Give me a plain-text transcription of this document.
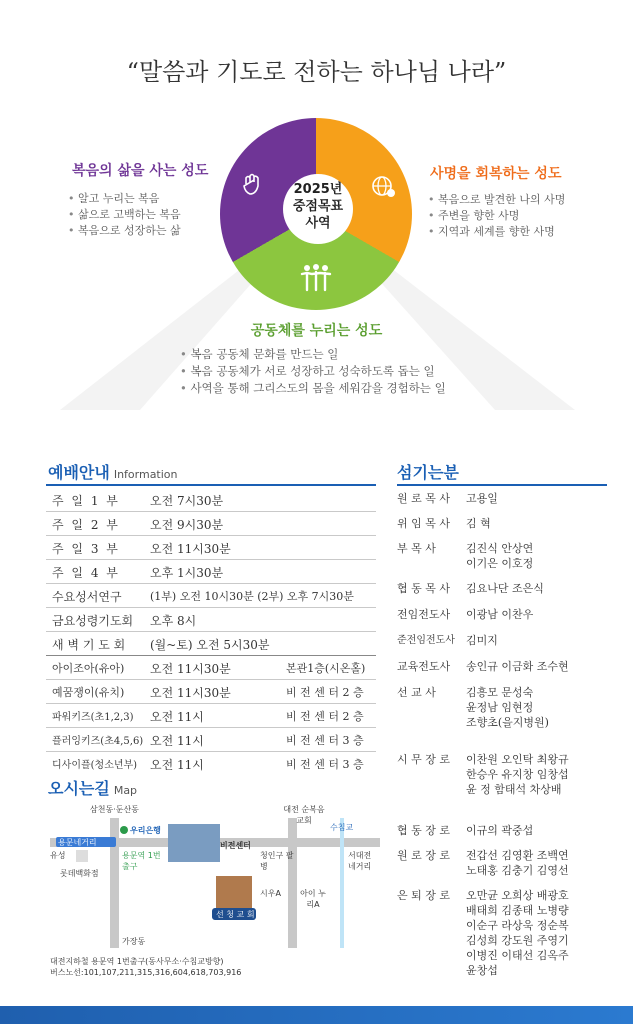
“말씀과 기도로 전하는 하나님 나라”
2025년
중점목표
사역
복음의 삶을 사는 성도
• 알고 누리는 복음
• 삶으로 고백하는 복음
• 복음으로 성장하는 삶
사명을 회복하는 성도
• 복음으로 발견한 나의 사명
• 주변을 향한 사명
• 지역과 세계를 향한 사명
공동체를 누리는 성도
• 복음 공동체 문화를 만드는 일
• 복음 공동체가 서로 성장하고 성숙하도록 돕는 일
• 사역을 통해 그리스도의 몸을 세워감을 경험하는 일
예배안내 Information
주 일 1 부	오전 7시30분
주 일 2 부	오전 9시30분
주 일 3 부	오전 11시30분
주 일 4 부	오후 1시30분
수요성서연구	(1부) 오전 10시30분 (2부) 오후 7시30분
금요성령기도회 오후 8시
새 벽 기 도 회 (월~토) 오전 5시30분
아이조아(유아) 오전 11시30분	본관1층(시온홀)
예꿈쟁이(유치) 오전 11시30분	비 전 센 터 2 층
파워키즈(초1,2,3) 오전 11시	비 전 센 터 2 층
플러잉키즈(초4,5,6) 오전 11시	비 전 센 터 3 층
디사이플(청소년부) 오전 11시	비 전 센 터 3 층
오시는길 Map
용문네거리
삼천동·둔산동
우리은행
유성
롯데백화점
용문역 1번출구
비전센터
선 청 교 회
대전 순복음교회
청인구 팔병
시우A 아이 누리A
수침교
서대전 네거리
가장동
대전지하철 용문역 1번출구(동사무소·수침교방향)
버스노선:101,107,211,315,316,604,618,703,916
섬기는분
원 로 목 사	고용일
위 임 목 사	김 혁
부 목 사	김진식 안상연
이기은 이호정
협 동 목 사	김요나단 조은식
전임전도사	이광남 이찬우
준전임전도사	김미지
교육전도사	송인규 이금화 조수현
선 교 사	김흥모 문성숙
윤정남 임현정
조향초(을지병원)
시 무 장 로	이찬원 오인탁 최왕규
한승우 유지창 임창섭
윤 정 함태석 차상배
협 동 장 로	이규의 곽중섭
원 로 장 로	전갑선 김영환 조백연
노태홍 김충기 김영선
은 퇴 장 로	오만균 오희상 배광호
배태희 김종태 노병량
이순구 라상욱 정순복
김성희 강도원 주영기
이병진 이태선 김옥주
윤창섭
